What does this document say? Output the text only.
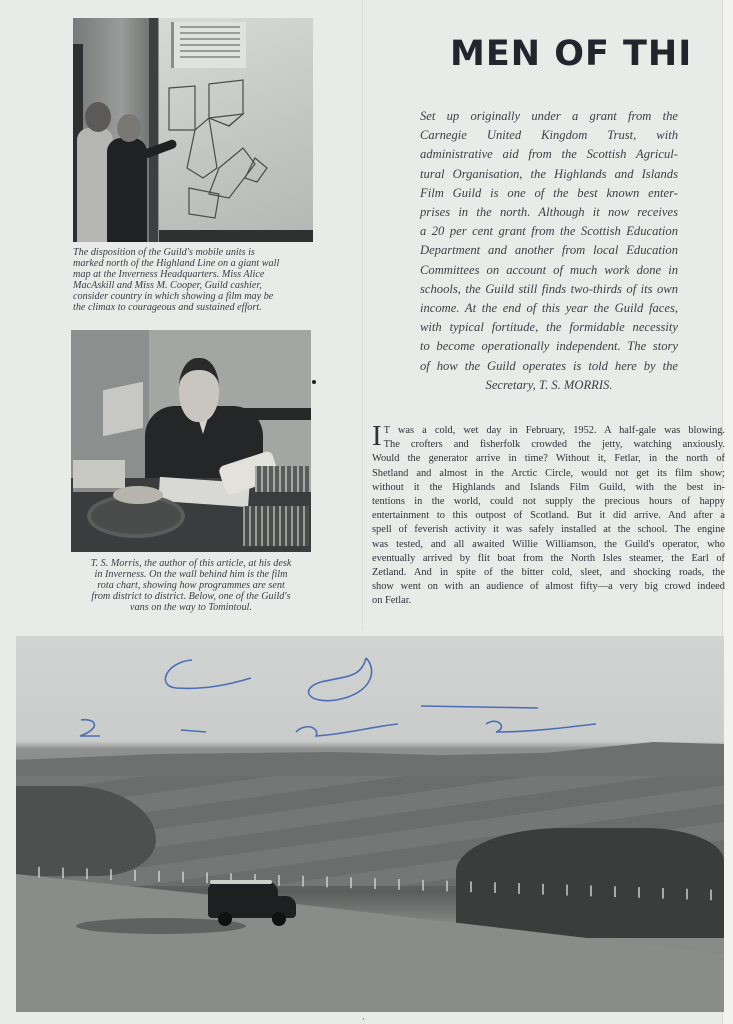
The disposition of the Guild's mobile units is
marked north of the Highland Line on a giant wall
map at the Inverness Headquarters. Miss Alice
MacAskill and Miss M. Cooper, Guild cashier,
consider country in which showing a film may be
the climax to courageous and sustained effort.
T. S. Morris, the author of this article, at his desk
in Inverness. On the wall behind him is the film
rota chart, showing how programmes are sent
from district to district. Below, one of the Guild's
vans on the way to Tomintoul.
MEN OF THI
Set up originally under a grant from the
Carnegie United Kingdom Trust, with
administrative aid from the Scottish Agricul-
tural Organisation, the Highlands and Islands
Film Guild is one of the best known enter-
prises in the north. Although it now receives
a 20 per cent grant from the Scottish Education
Department and another from local Education
Committees on account of much work done in
schools, the Guild still finds two-thirds of its own
income. At the end of this year the Guild faces,
with typical fortitude, the formidable necessity
to become operationally independent. The story
of how the Guild operates is told here by the
Secretary, T. S. MORRIS.
I T was a cold, wet day in February, 1952. A half-gale was blowing.
The crofters and fisherfolk crowded the jetty, watching anxiously.
Would the generator arrive in time? Without it, Fetlar, in the north of
Shetland and almost in the Arctic Circle, would not get its film show;
without it the Highlands and Islands Film Guild, with the best in-
tentions in the world, could not supply the precious hours of happy
entertainment to this outpost of Scotland. But it did arrive. And after a
spell of feverish activity it was safely installed at the school. The engine
was tested, and all awaited Willie Williamson, the Guild's operator, who
eventually arrived by flit boat from the North Isles steamer, the Earl of
Zetland. And in spite of the bitter cold, sleet, and shocking roads, the
show went on with an audience of almost fifty—a very big crowd indeed
on Fetlar.
·
